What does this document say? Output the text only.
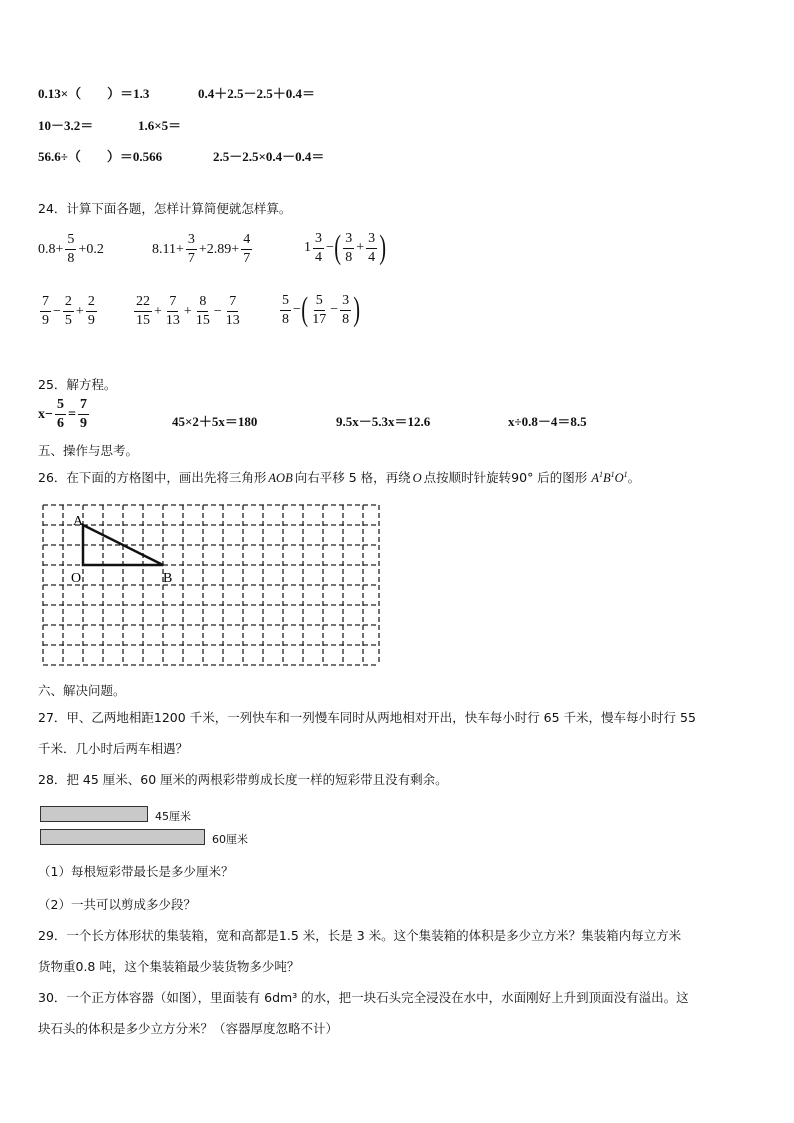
0.13×（　　）＝1.3	0.4＋2.5－2.5＋0.4＝
10－3.2＝	1.6×5＝
56.6÷（　　）＝0.566	2.5－2.5×0.4－0.4＝
24．计算下面各题，怎样计算简便就怎样算。
$0.8 + \frac{5}{8} + 0.2$	$8.11 + \frac{3}{7} + 2.89 + \frac{4}{7}$	$1 \frac{3}{4}$ − ( $\frac{3}{8} + \frac{3}{4}$ )
$\frac{7}{9} - \frac{2}{5} + \frac{2}{9}$	$\frac{22}{15} + \frac{7}{13} + \frac{8}{15} - \frac{7}{13}$	$\frac{5}{8}$ − ( $\frac{5}{17} - \frac{3}{8}$ )
25．解方程。
$x - \frac{5}{6} = \frac{7}{9}$	45×2＋5x＝180	9.5x－5.3x＝12.6	x÷0.8－4＝8.5
五、操作与思考。
26．在下面的方格图中，画出先将三角形 AOB 向右平移 5 格，再绕 O 点按顺时针旋转90° 后的图形 $A^1B^1O^1$ 。
A
O	B
六、解决问题。
27．甲、乙两地相距1200 千米，一列快车和一列慢车同时从两地相对开出，快车每小时行 65 千米，慢车每小时行 55
千米．几小时后两车相遇？
28．把 45 厘米、60 厘米的两根彩带剪成长度一样的短彩带且没有剩余。
45厘米
60厘米
（1）每根短彩带最长是多少厘米？
（2）一共可以剪成多少段？
29．一个长方体形状的集装箱，宽和高都是1.5 米，长是 3 米。这个集装箱的体积是多少立方米？集装箱内每立方米
货物重0.8 吨，这个集装箱最少装货物多少吨？
30．一个正方体容器（如图），里面装有 6dm³ 的水，把一块石头完全浸没在水中，水面刚好上升到顶面没有溢出。这
块石头的体积是多少立方分米？（容器厚度忽略不计）
